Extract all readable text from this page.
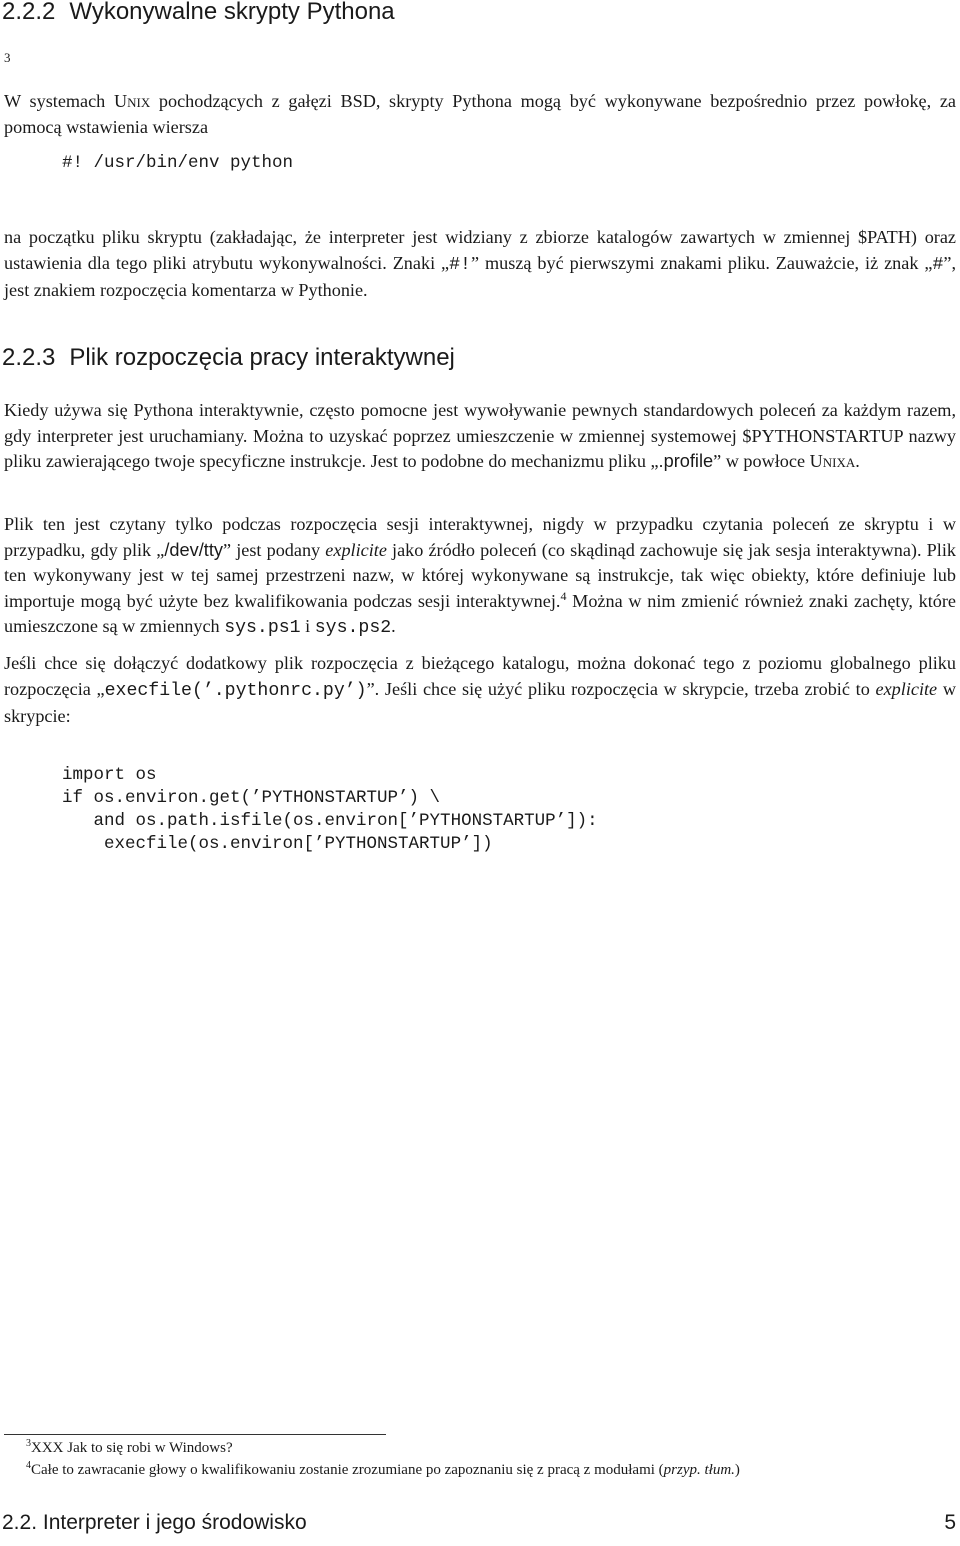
2.2.2 Wykonywalne skrypty Pythona
3

W systemach Unix pochodzących z gałęzi BSD, skrypty Pythona mogą być wykonywane bezpośrednio przez powłokę, za pomocą wstawienia wiersza

#! /usr/bin/env python

na początku pliku skryptu (zakładając, że interpreter jest widziany z zbiorze katalogów zawartych w zmiennej $PATH) oraz ustawienia dla tego pliki atrybutu wykonywalności. Znaki „#!” muszą być pierwszymi znakami pliku. Zauważcie, iż znak „#”, jest znakiem rozpoczęcia komentarza w Pythonie.

2.2.3 Plik rozpoczęcia pracy interaktywnej

Kiedy używa się Pythona interaktywnie, często pomocne jest wywoływanie pewnych standardowych poleceń za każdym razem, gdy interpreter jest uruchamiany. Można to uzyskać poprzez umieszczenie w zmiennej systemowej $PYTHONSTARTUP nazwy pliku zawierającego twoje specyficzne instrukcje. Jest to podobne do mechanizmu pliku „.profile” w powłoce Unixa.

Plik ten jest czytany tylko podczas rozpoczęcia sesji interaktywnej, nigdy w przypadku czytania poleceń ze skryptu i w przypadku, gdy plik „/dev/tty” jest podany explicite jako źródło poleceń (co skądinąd zachowuje się jak sesja interaktywna). Plik ten wykonywany jest w tej samej przestrzeni nazw, w której wykonywane są instrukcje, tak więc obiekty, które definiuje lub importuje mogą być użyte bez kwalifikowania podczas sesji interaktywnej.$^4$ Można w nim zmienić również znaki zachęty, które umieszczone są w zmiennych sys.ps1 i sys.ps2.

Jeśli chce się dołączyć dodatkowy plik rozpoczęcia z bieżącego katalogu, można dokonać tego z poziomu globalnego pliku rozpoczęcia „execfile(’.pythonrc.py’)”. Jeśli chce się użyć pliku rozpoczęcia w skrypcie, trzeba zrobić to explicite w skrypcie:

import os
if os.environ.get(’PYTHONSTARTUP’) \
and os.path.isfile(os.environ[’PYTHONSTARTUP’]):
execfile(os.environ[’PYTHONSTARTUP’])
$^3$XXX Jak to się robi w Windows?
$^4$Całe to zawracanie głowy o kwalifikowaniu zostanie zrozumiane po zapoznaniu się z pracą z modułami (przyp. tłum.)
2.2. Interpreter i jego środowisko	5
